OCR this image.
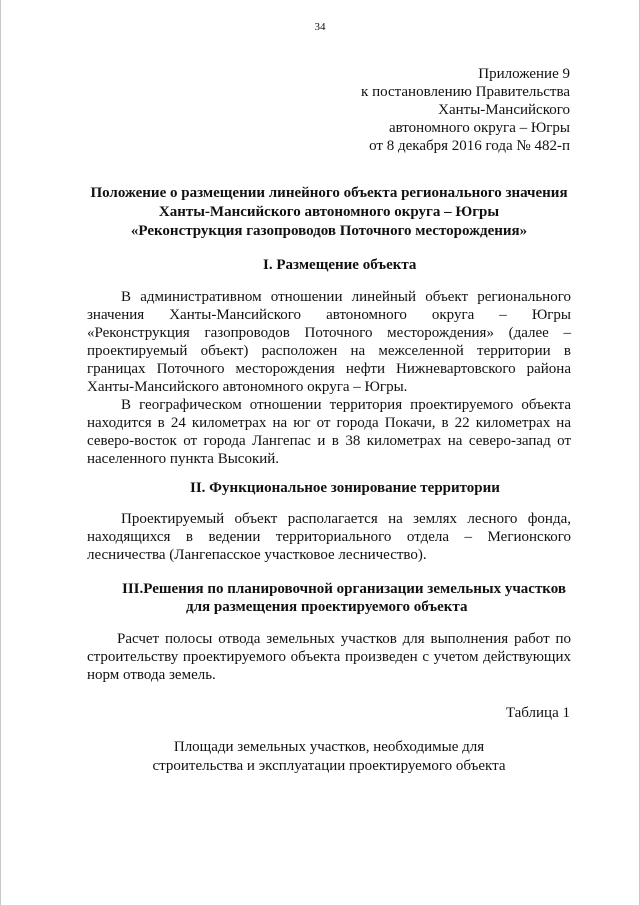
34
Приложение 9
к постановлению Правительства
Ханты-Мансийского
автономного округа – Югры
от 8 декабря 2016 года № 482-п
Положение о размещении линейного объекта регионального значения
Ханты-Мансийского автономного округа – Югры
«Реконструкция газопроводов Поточного месторождения»
I. Размещение объекта
В административном отношении линейный объект регионального
значения Ханты-Мансийского автономного округа – Югры
«Реконструкция газопроводов Поточного месторождения» (далее –
проектируемый объект) расположен на межселенной территории в
границах Поточного месторождения нефти Нижневартовского района
Ханты-Мансийского автономного округа – Югры.
В географическом отношении территория проектируемого объекта
находится в 24 километрах на юг от города Покачи, в 22 километрах на
северо-восток от города Лангепас и в 38 километрах на северо-запад от
населенного пункта Высокий.
II. Функциональное зонирование территории
Проектируемый объект располагается на землях лесного фонда,
находящихся в ведении территориального отдела – Мегионского
лесничества (Лангепасское участковое лесничество).
III.Решения по планировочной организации земельных участков
для размещения проектируемого объекта
Расчет полосы отвода земельных участков для выполнения работ по
строительству проектируемого объекта произведен с учетом действующих
норм отвода земель.
Таблица 1
Площади земельных участков, необходимые для
строительства и эксплуатации проектируемого объекта
